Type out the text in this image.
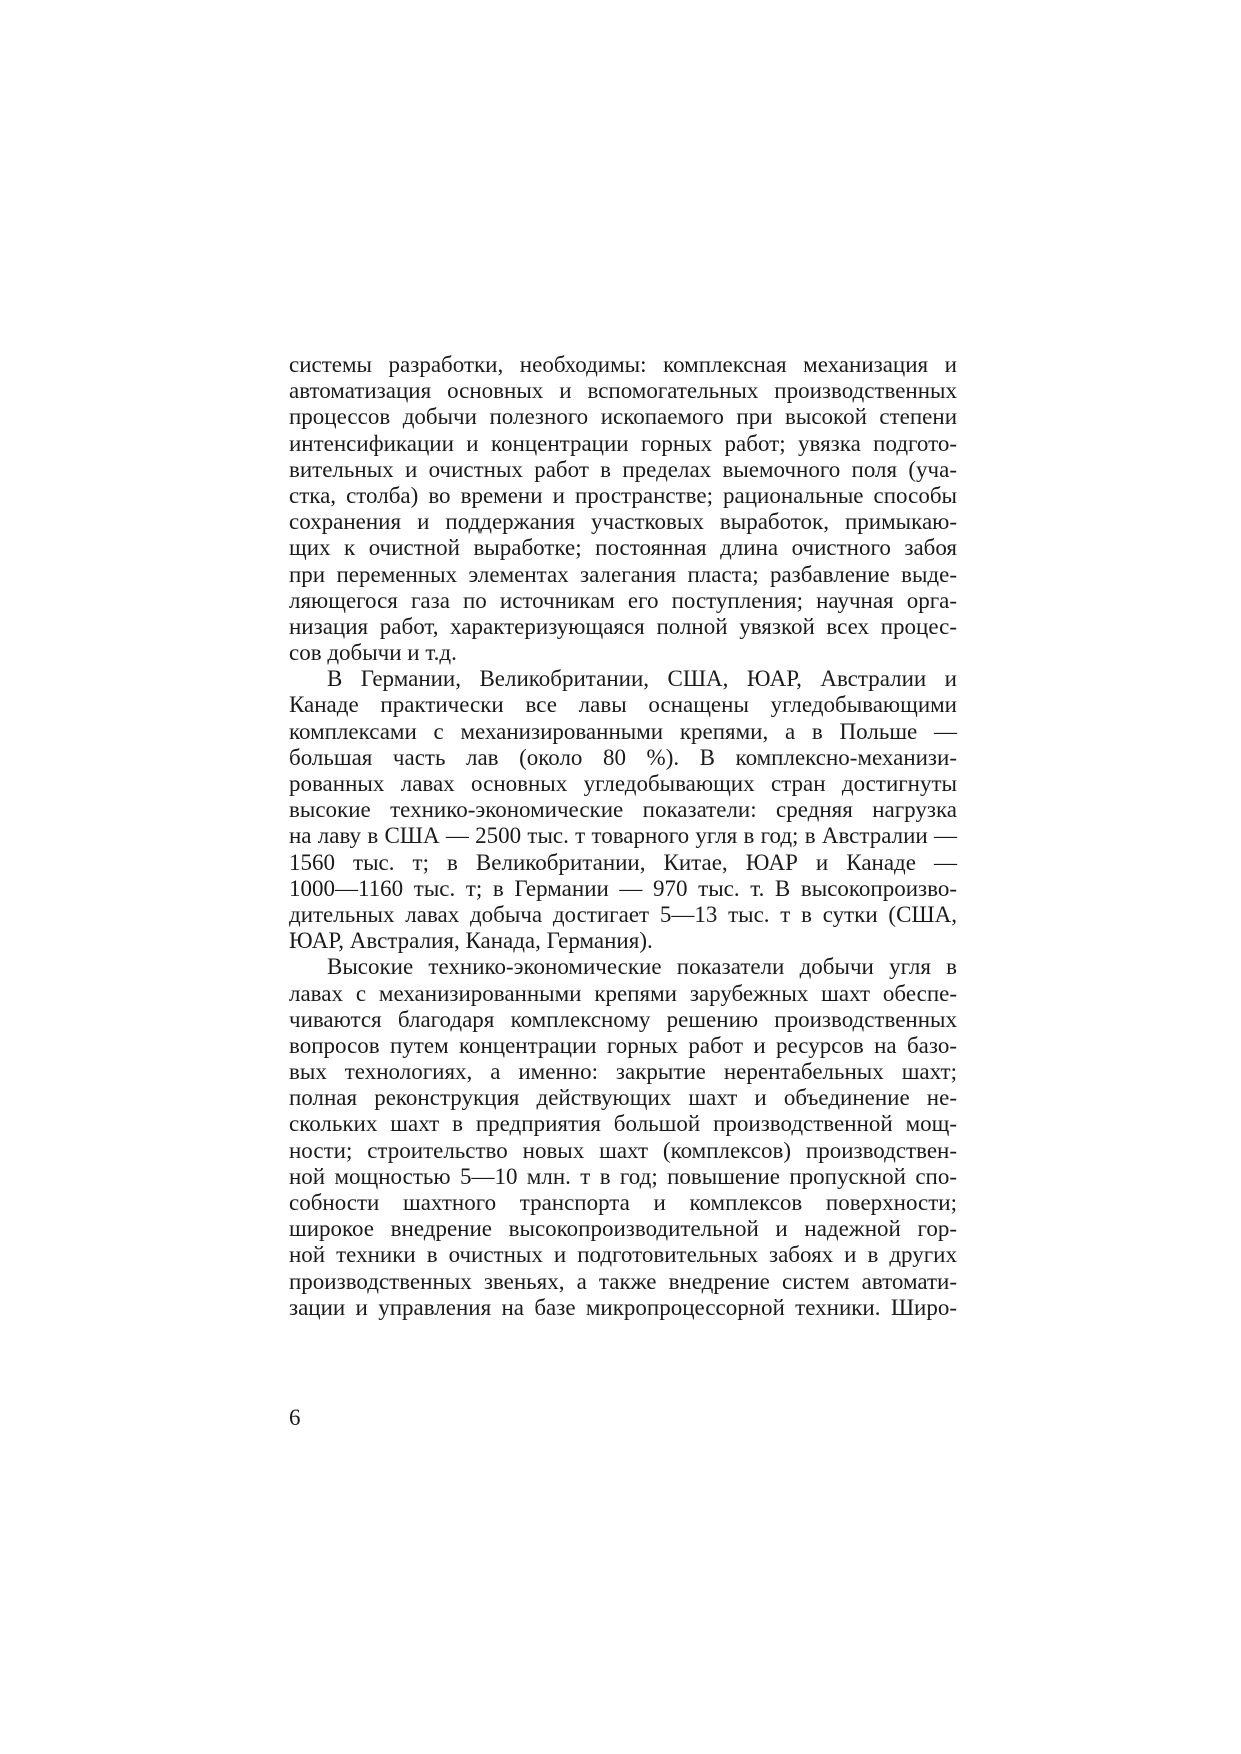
системы разработки, необходимы: комплексная механизация и
автоматизация основных и вспомогательных производственных
процессов добычи полезного ископаемого при высокой степени
интенсификации и концентрации горных работ; увязка подгото-
вительных и очистных работ в пределах выемочного поля (уча-
стка, столба) во времени и пространстве; рациональные способы
сохранения и поддержания участковых выработок, примыкаю-
щих к очистной выработке; постоянная длина очистного забоя
при переменных элементах залегания пласта; разбавление выде-
ляющегося газа по источникам его поступления; научная орга-
низация работ, характеризующаяся полной увязкой всех процес-
сов добычи и т.д.
В Германии, Великобритании, США, ЮАР, Австралии и
Канаде практически все лавы оснащены угледобывающими
комплексами с механизированными крепями, а в Польше —
большая часть лав (около 80 %). В комплексно-механизи-
рованных лавах основных угледобывающих стран достигнуты
высокие технико-экономические показатели: средняя нагрузка
на лаву в США — 2500 тыс. т товарного угля в год; в Австралии —
1560 тыс. т; в Великобритании, Китае, ЮАР и Канаде —
1000—1160 тыс. т; в Германии — 970 тыс. т. В высокопроизво-
дительных лавах добыча достигает 5—13 тыс. т в сутки (США,
ЮАР, Австралия, Канада, Германия).
Высокие технико-экономические показатели добычи угля в
лавах с механизированными крепями зарубежных шахт обеспе-
чиваются благодаря комплексному решению производственных
вопросов путем концентрации горных работ и ресурсов на базо-
вых технологиях, а именно: закрытие нерентабельных шахт;
полная реконструкция действующих шахт и объединение не-
скольких шахт в предприятия большой производственной мощ-
ности; строительство новых шахт (комплексов) производствен-
ной мощностью 5—10 млн. т в год; повышение пропускной спо-
собности шахтного транспорта и комплексов поверхности;
широкое внедрение высокопроизводительной и надежной гор-
ной техники в очистных и подготовительных забоях и в других
производственных звеньях, а также внедрение систем автомати-
зации и управления на базе микропроцессорной техники. Широ-
6
